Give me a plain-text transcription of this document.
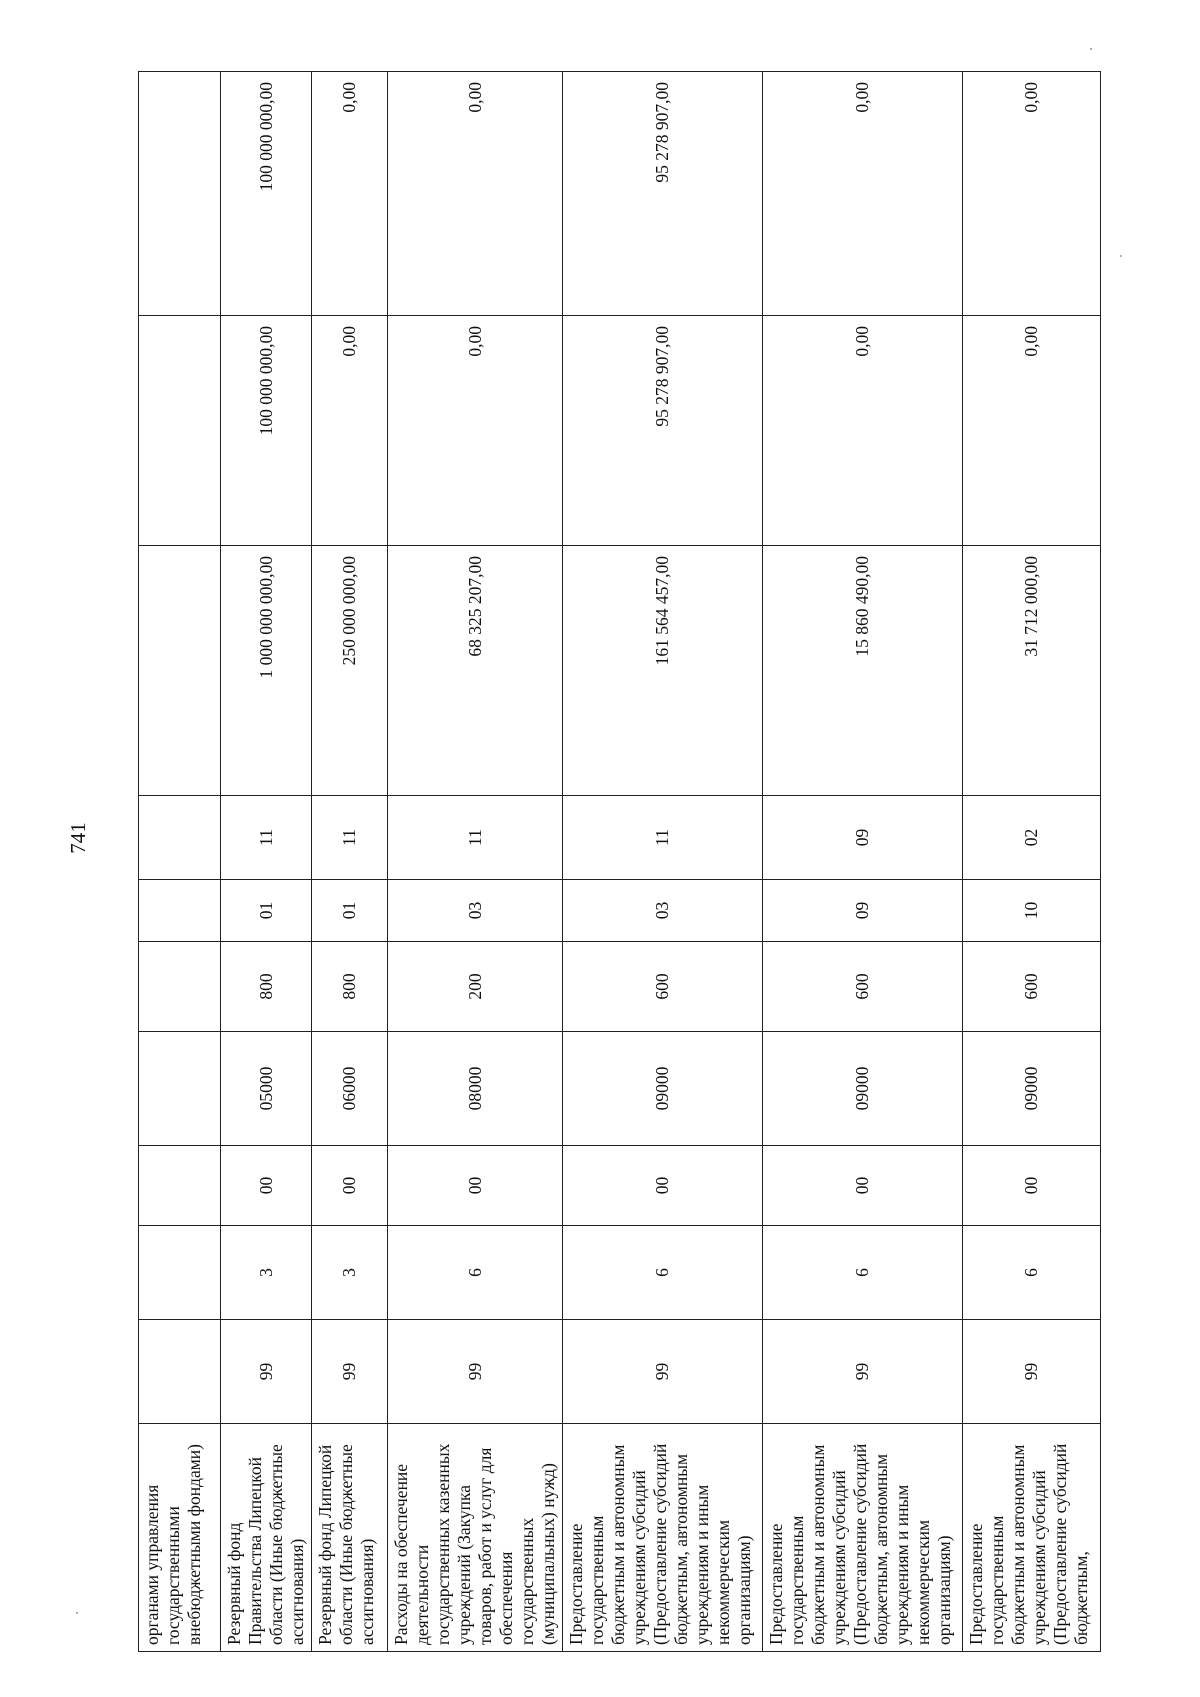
741
органами управления государственными внебюджетными фондами)										

Резервный фонд Правительства Липецкой области (Иные бюджетные ассигнования)	99	3	00	05000	800	01	11	1 000 000 000,00	100 000 000,00	100 000 000,00

Резервный фонд Липецкой области (Иные бюджетные ассигнования)	99	3	00	06000	800	01	11	250 000 000,00	0,00	0,00

Расходы на обеспечение деятельности государственных казенных учреждений (Закупка товаров, работ и услуг для обеспечения государственных (муниципальных) нужд)	99	6	00	08000	200	03	11	68 325 207,00	0,00	0,00

Предоставление государственным бюджетным и автономным учреждениям субсидий (Предоставление субсидий бюджетным, автономным учреждениям и иным некоммерческим организациям)	99	6	00	09000	600	03	11	161 564 457,00	95 278 907,00	95 278 907,00

Предоставление государственным бюджетным и автономным учреждениям субсидий (Предоставление субсидий бюджетным, автономным учреждениям и иным некоммерческим организациям)	99	6	00	09000	600	09	09	15 860 490,00	0,00	0,00

Предоставление государственным бюджетным и автономным учреждениям субсидий (Предоставление субсидий бюджетным,	99	6	00	09000	600	10	02	31 712 000,00	0,00	0,00
